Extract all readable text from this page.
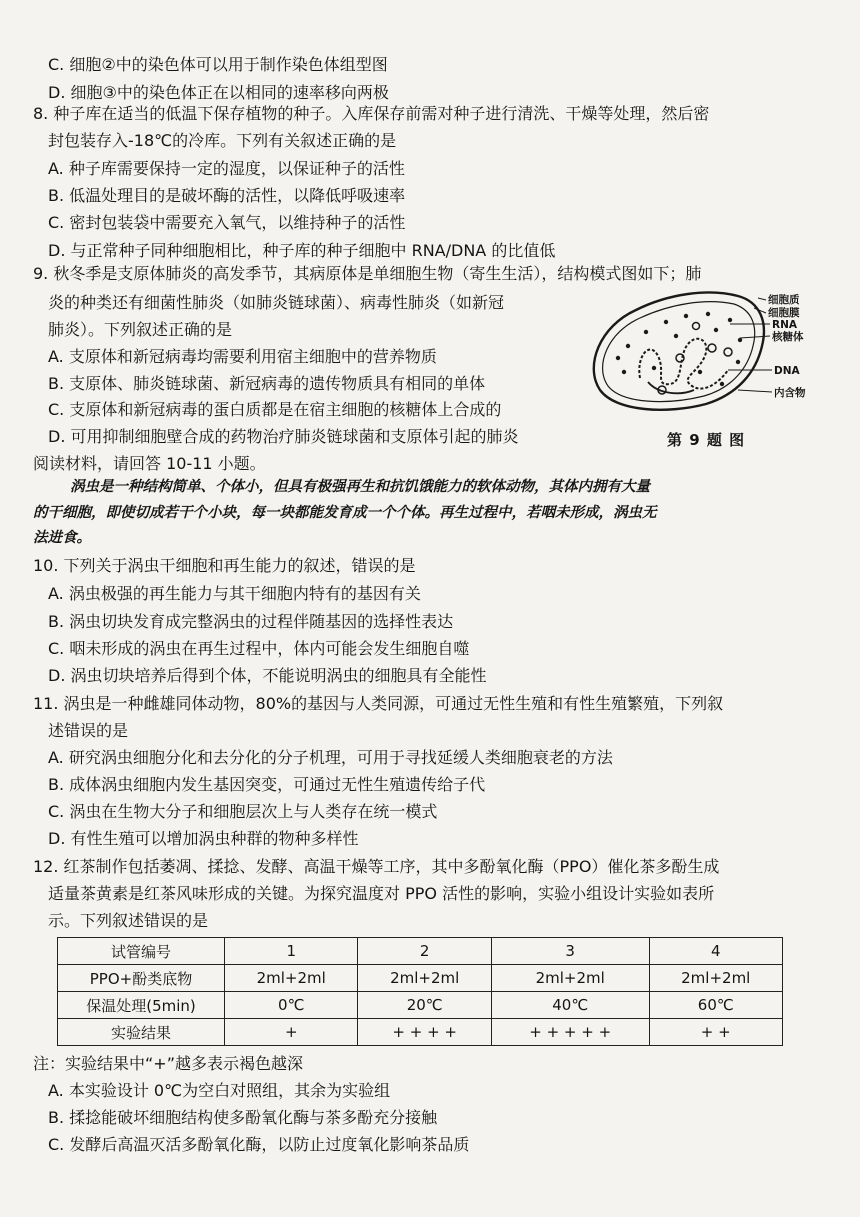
C. 细胞②中的染色体可以用于制作染色体组型图
D. 细胞③中的染色体正在以相同的速率移向两极
8. 种子库在适当的低温下保存植物的种子。入库保存前需对种子进行清洗、干燥等处理，然后密
封包装存入-18℃的冷库。下列有关叙述正确的是
A. 种子库需要保持一定的湿度，以保证种子的活性
B. 低温处理目的是破坏酶的活性，以降低呼吸速率
C. 密封包装袋中需要充入氧气，以维持种子的活性
D. 与正常种子同种细胞相比，种子库的种子细胞中 RNA/DNA 的比值低
9. 秋冬季是支原体肺炎的高发季节，其病原体是单细胞生物（寄生生活），结构模式图如下；肺
炎的种类还有细菌性肺炎（如肺炎链球菌）、病毒性肺炎（如新冠
肺炎）。下列叙述正确的是
A. 支原体和新冠病毒均需要利用宿主细胞中的营养物质
B. 支原体、肺炎链球菌、新冠病毒的遗传物质具有相同的单体
C. 支原体和新冠病毒的蛋白质都是在宿主细胞的核糖体上合成的
D. 可用抑制细胞壁合成的药物治疗肺炎链球菌和支原体引起的肺炎
细胞质
细胞膜
RNA
核糖体
DNA
内含物
第 9 题 图
阅读材料，请回答 10-11 小题。
涡虫是一种结构简单、个体小，但具有极强再生和抗饥饿能力的软体动物，其体内拥有大量
的干细胞，即使切成若干个小块，每一块都能发育成一个个体。再生过程中，若咽未形成，涡虫无
法进食。
10. 下列关于涡虫干细胞和再生能力的叙述，错误的是
A. 涡虫极强的再生能力与其干细胞内特有的基因有关
B. 涡虫切块发育成完整涡虫的过程伴随基因的选择性表达
C. 咽未形成的涡虫在再生过程中，体内可能会发生细胞自噬
D. 涡虫切块培养后得到个体，不能说明涡虫的细胞具有全能性
11. 涡虫是一种雌雄同体动物，80%的基因与人类同源，可通过无性生殖和有性生殖繁殖，下列叙
述错误的是
A. 研究涡虫细胞分化和去分化的分子机理，可用于寻找延缓人类细胞衰老的方法
B. 成体涡虫细胞内发生基因突变，可通过无性生殖遗传给子代
C. 涡虫在生物大分子和细胞层次上与人类存在统一模式
D. 有性生殖可以增加涡虫种群的物种多样性
12. 红茶制作包括萎凋、揉捻、发酵、高温干燥等工序，其中多酚氧化酶（PPO）催化茶多酚生成
适量茶黄素是红茶风味形成的关键。为探究温度对 PPO 活性的影响，实验小组设计实验如表所
示。下列叙述错误的是
试管编号	1	2	3	4
PPO+酚类底物	2ml+2ml	2ml+2ml	2ml+2ml	2ml+2ml
保温处理(5min)	0℃	20℃	40℃	60℃
实验结果	+	+ + + +	+ + + + +	+ +
注：实验结果中“+”越多表示褐色越深
A. 本实验设计 0℃为空白对照组，其余为实验组
B. 揉捻能破坏细胞结构使多酚氧化酶与茶多酚充分接触
C. 发酵后高温灭活多酚氧化酶，以防止过度氧化影响茶品质
